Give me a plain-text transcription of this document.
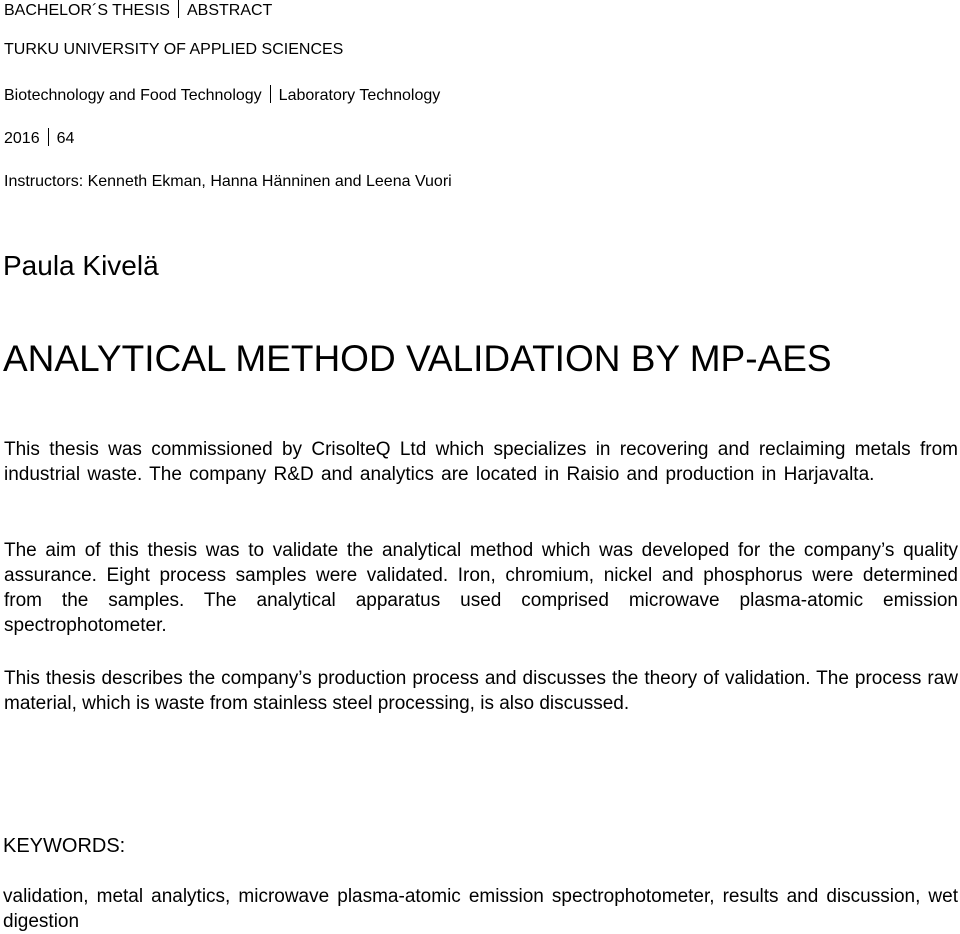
BACHELOR´S THESIS ABSTRACT
TURKU UNIVERSITY OF APPLIED SCIENCES
Biotechnology and Food Technology Laboratory Technology
2016 64
Instructors: Kenneth Ekman, Hanna Hänninen and Leena Vuori
Paula Kivelä
ANALYTICAL METHOD VALIDATION BY MP-AES

This thesis was commissioned by CrisolteQ Ltd which specializes in recovering and reclaiming metals from industrial waste. The company R&D and analytics are located in Raisio and production in Harjavalta.

The aim of this thesis was to validate the analytical method which was developed for the company’s quality assurance. Eight process samples were validated. Iron, chromium, nickel and phosphorus were determined from the samples. The analytical apparatus used comprised microwave plasma-atomic emission spectrophotometer.

This thesis describes the company’s production process and discusses the theory of validation. The process raw material, which is waste from stainless steel processing, is also discussed.

KEYWORDS:

validation, metal analytics, microwave plasma-atomic emission spectrophotometer, results and discussion, wet digestion
